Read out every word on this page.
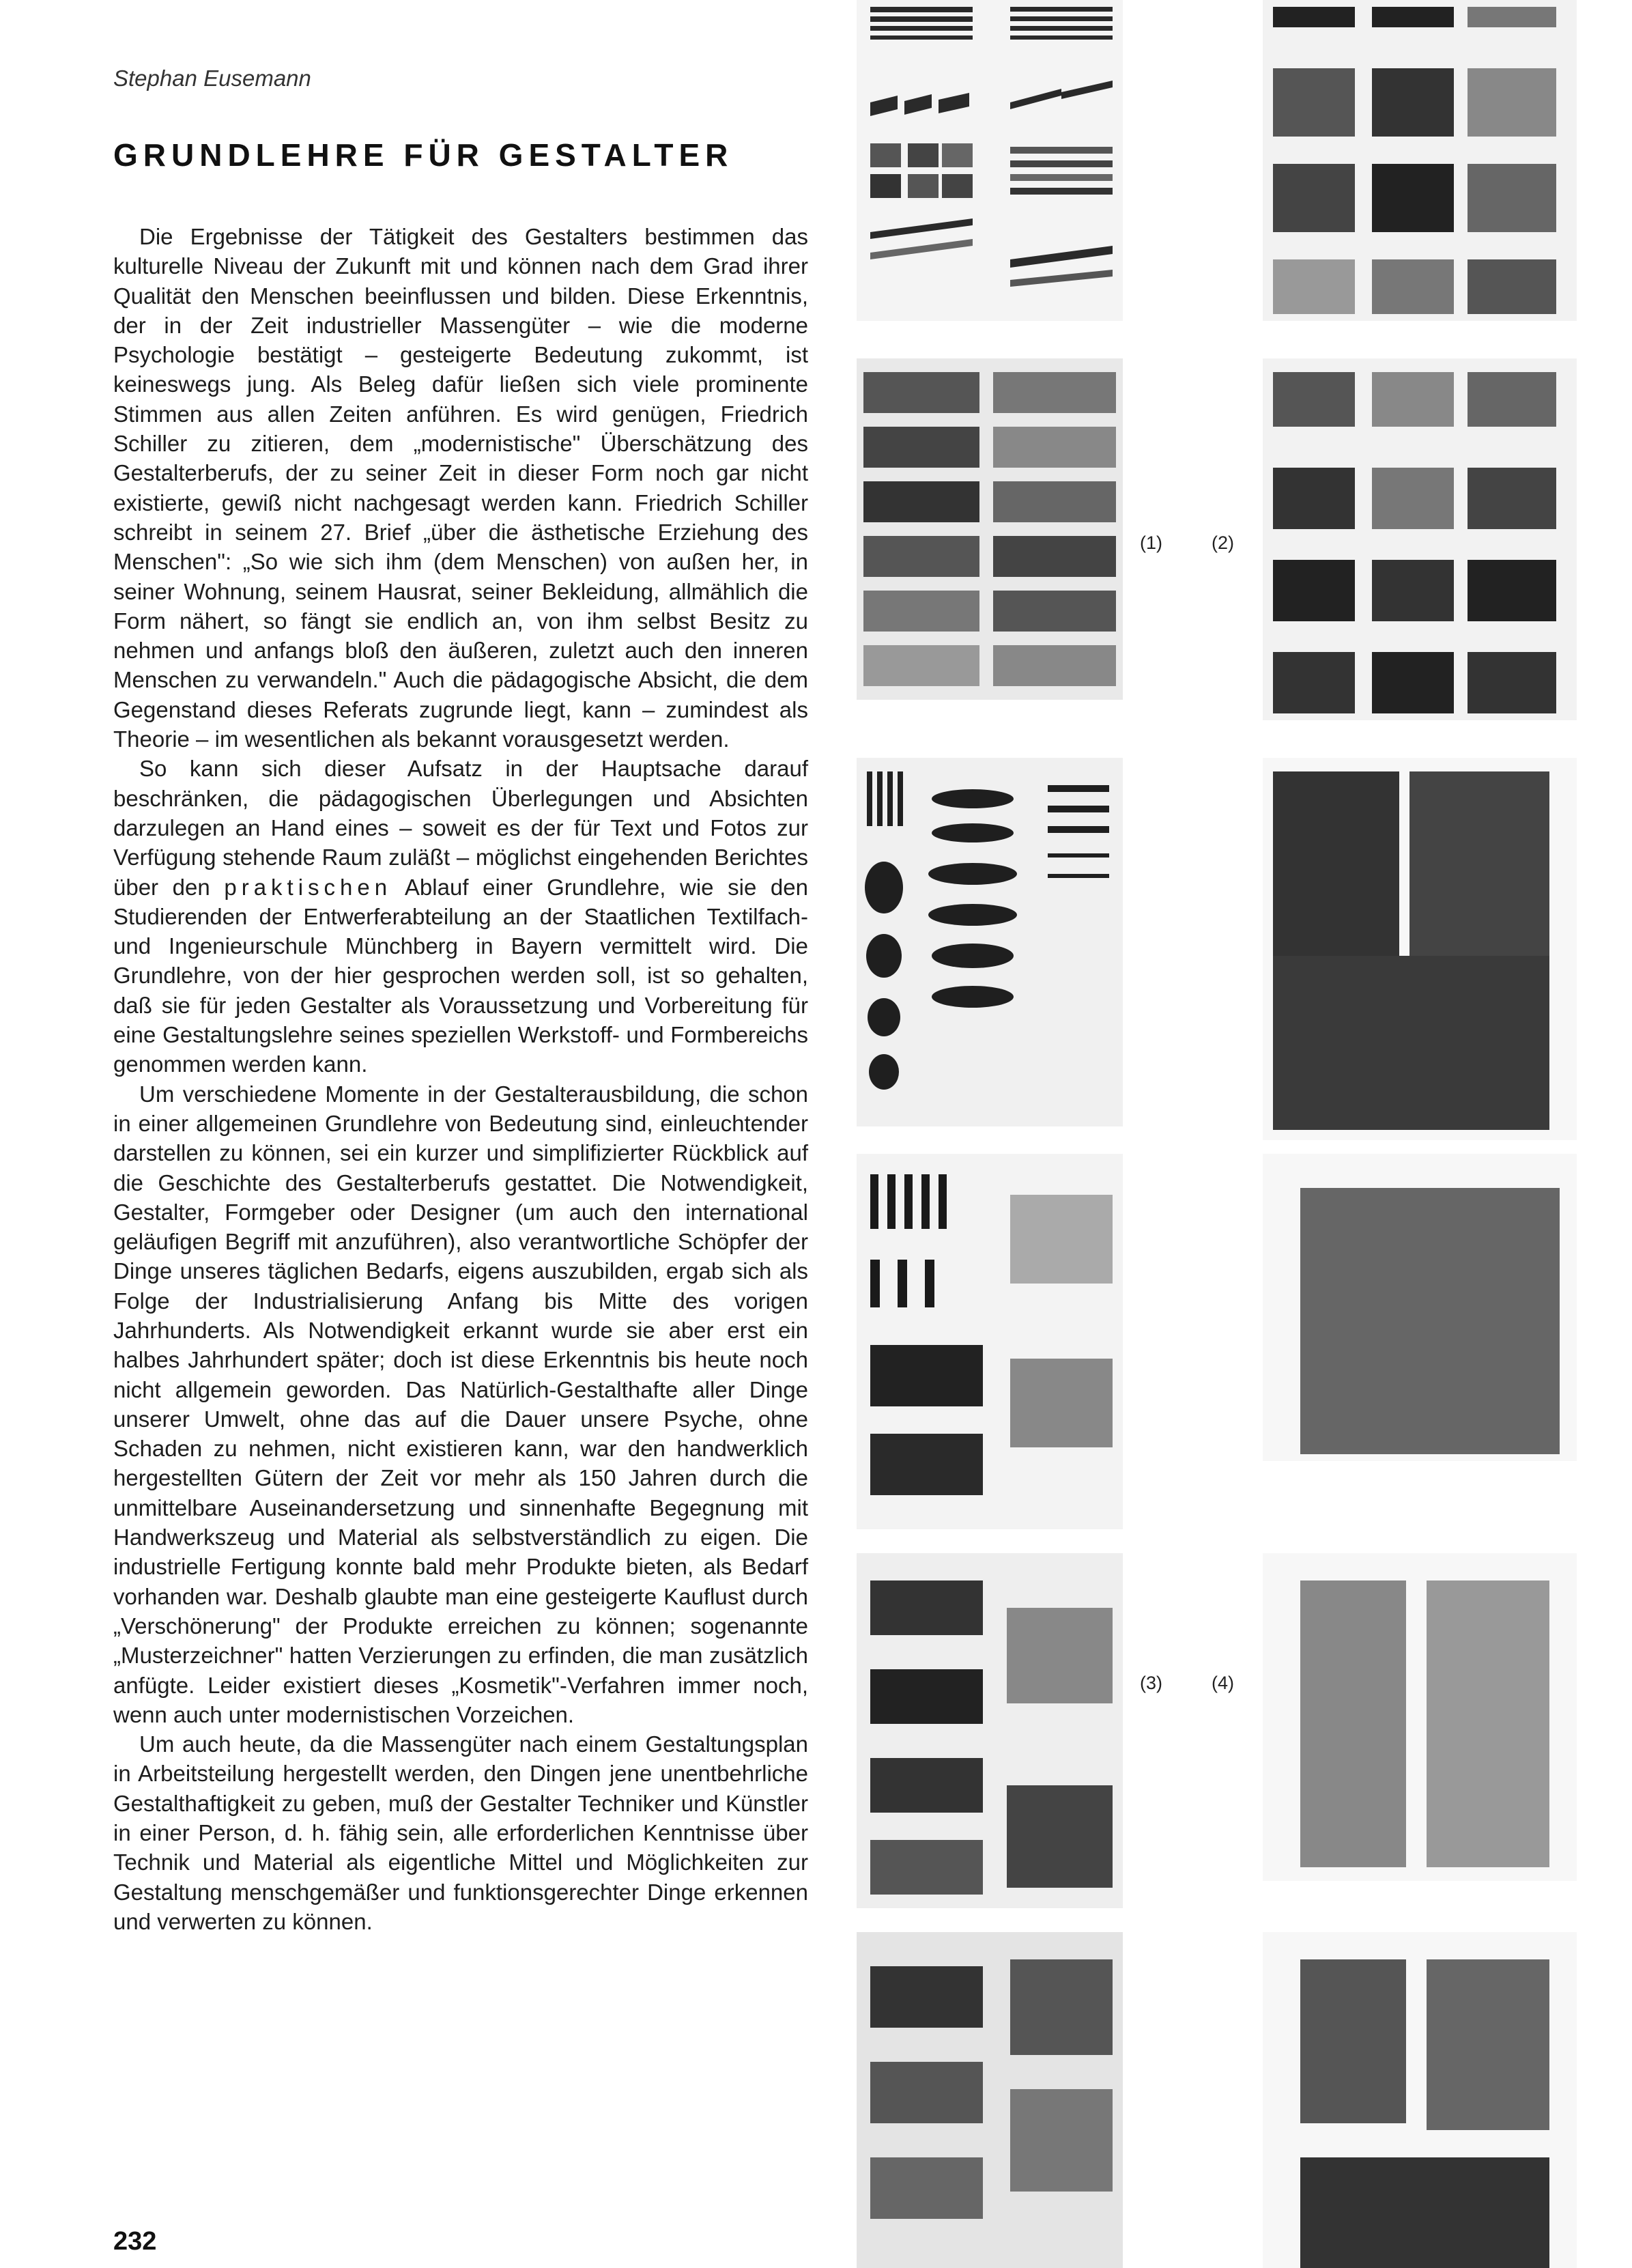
Stephan Eusemann
GRUNDLEHRE FÜR GESTALTER

Die Ergebnisse der Tätigkeit des Gestalters bestimmen das kulturelle Niveau der Zukunft mit und können nach dem Grad ihrer Qualität den Menschen beeinflussen und bilden. Diese Erkenntnis, der in der Zeit industrieller Massengüter – wie die moderne Psychologie bestätigt – gesteigerte Bedeutung zukommt, ist keineswegs jung. Als Beleg dafür ließen sich viele prominente Stimmen aus allen Zeiten anführen. Es wird genügen, Friedrich Schiller zu zitieren, dem „modernistische" Überschätzung des Gestalterberufs, der zu seiner Zeit in dieser Form noch gar nicht existierte, gewiß nicht nachgesagt werden kann. Friedrich Schiller schreibt in seinem 27. Brief „über die ästhetische Erziehung des Menschen": „So wie sich ihm (dem Menschen) von außen her, in seiner Wohnung, seinem Hausrat, seiner Bekleidung, allmählich die Form nähert, so fängt sie endlich an, von ihm selbst Besitz zu nehmen und anfangs bloß den äußeren, zuletzt auch den inneren Menschen zu verwandeln." Auch die pädagogische Absicht, die dem Gegenstand dieses Referats zugrunde liegt, kann – zumindest als Theorie – im wesentlichen als bekannt vorausgesetzt werden.

So kann sich dieser Aufsatz in der Hauptsache darauf beschränken, die pädagogischen Überlegungen und Absichten darzulegen an Hand eines – soweit es der für Text und Fotos zur Verfügung stehende Raum zuläßt – möglichst eingehenden Berichtes über den praktischen Ablauf einer Grundlehre, wie sie den Studierenden der Entwerferabteilung an der Staatlichen Textilfach- und Ingenieurschule Münchberg in Bayern vermittelt wird. Die Grundlehre, von der hier gesprochen werden soll, ist so gehalten, daß sie für jeden Gestalter als Voraussetzung und Vorbereitung für eine Gestaltungslehre seines speziellen Werkstoff- und Formbereichs genommen werden kann.

Um verschiedene Momente in der Gestalterausbildung, die schon in einer allgemeinen Grundlehre von Bedeutung sind, einleuchtender darstellen zu können, sei ein kurzer und simplifizierter Rückblick auf die Geschichte des Gestalterberufs gestattet. Die Notwendigkeit, Gestalter, Formgeber oder Designer (um auch den international geläufigen Begriff mit anzuführen), also verantwortliche Schöpfer der Dinge unseres täglichen Bedarfs, eigens auszubilden, ergab sich als Folge der Industrialisierung Anfang bis Mitte des vorigen Jahrhunderts. Als Notwendigkeit erkannt wurde sie aber erst ein halbes Jahrhundert später; doch ist diese Erkenntnis bis heute noch nicht allgemein geworden. Das Natürlich-Gestalthafte aller Dinge unserer Umwelt, ohne das auf die Dauer unsere Psyche, ohne Schaden zu nehmen, nicht existieren kann, war den handwerklich hergestellten Gütern der Zeit vor mehr als 150 Jahren durch die unmittelbare Auseinandersetzung und sinnenhafte Begegnung mit Handwerkszeug und Material als selbstverständlich zu eigen. Die industrielle Fertigung konnte bald mehr Produkte bieten, als Bedarf vorhanden war. Deshalb glaubte man eine gesteigerte Kauflust durch „Verschönerung" der Produkte erreichen zu können; sogenannte „Musterzeichner" hatten Verzierungen zu erfinden, die man zusätzlich anfügte. Leider existiert dieses „Kosmetik"-Verfahren immer noch, wenn auch unter modernistischen Vorzeichen.

Um auch heute, da die Massengüter nach einem Gestaltungsplan in Arbeitsteilung hergestellt werden, den Dingen jene unentbehrliche Gestalthaftigkeit zu geben, muß der Gestalter Techniker und Künstler in einer Person, d. h. fähig sein, alle erforderlichen Kenntnisse über Technik und Material als eigentliche Mittel und Möglichkeiten zur Gestaltung menschgemäßer und funktionsgerechter Dinge erkennen und verwerten zu können.

232
(1)	(2)
(3)	(4)
